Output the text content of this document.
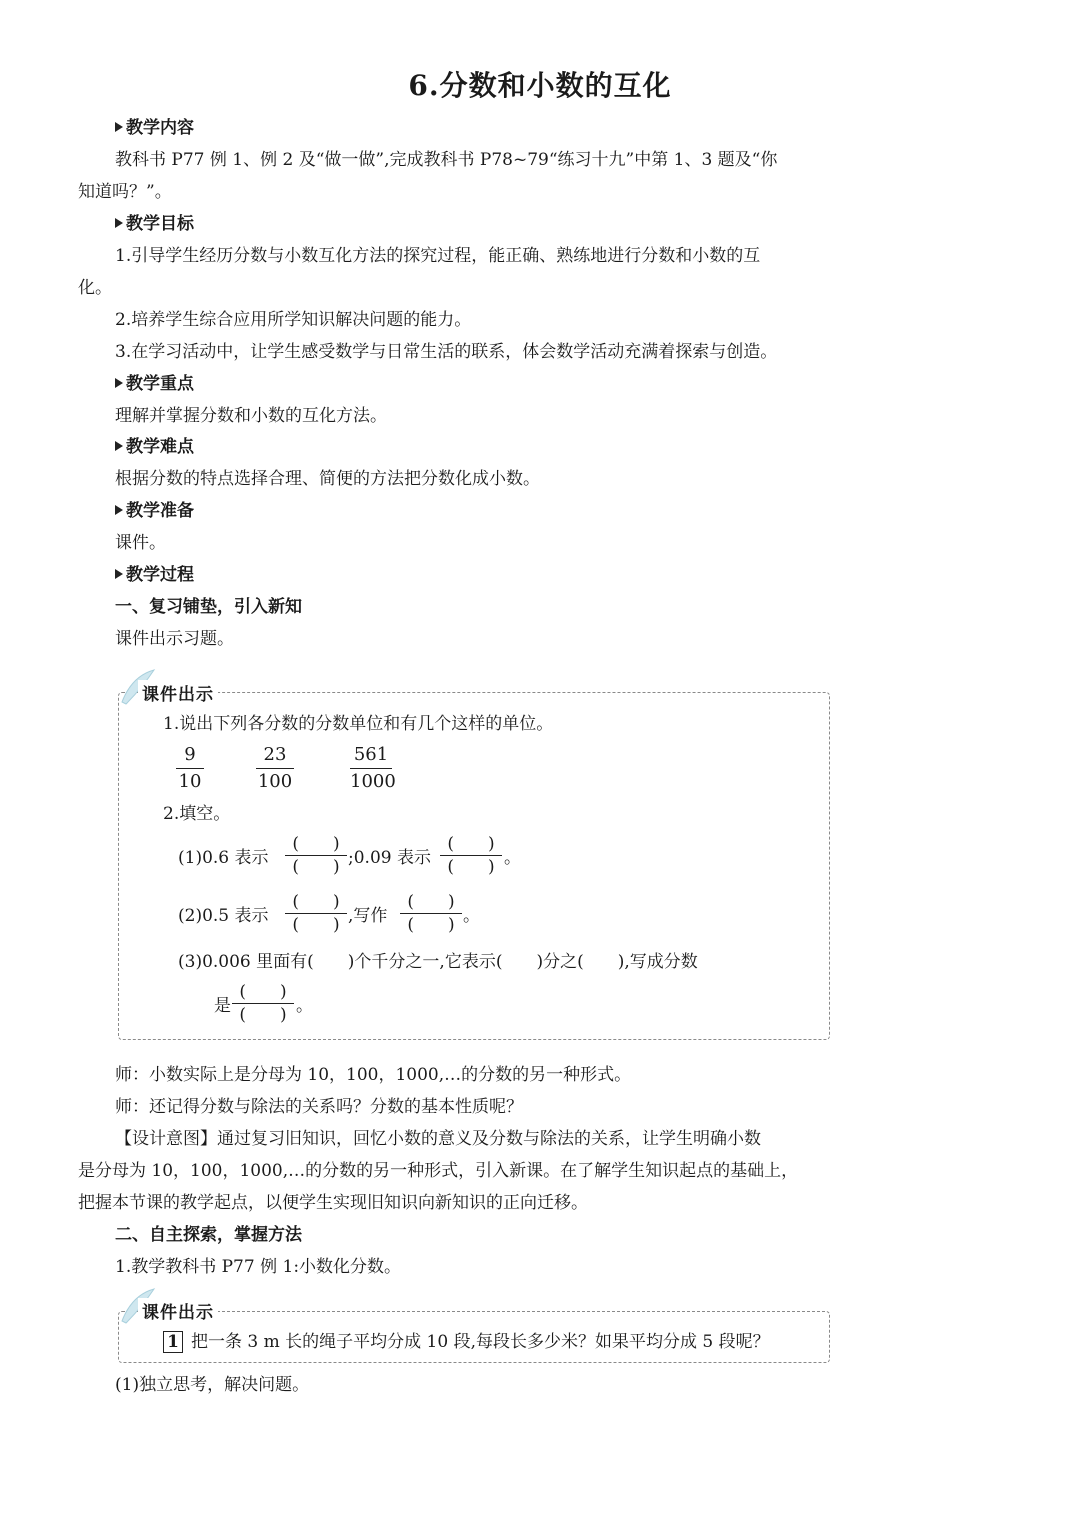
6.分数和小数的互化
教学内容
教科书 P77 例 1、例 2 及“做一做”,完成教科书 P78~79“练习十九”中第 1、3 题及“你
知道吗？”。
教学目标
1.引导学生经历分数与小数互化方法的探究过程，能正确、熟练地进行分数和小数的互
化。
2.培养学生综合应用所学知识解决问题的能力。
3.在学习活动中，让学生感受数学与日常生活的联系，体会数学活动充满着探索与创造。
教学重点
理解并掌握分数和小数的互化方法。
教学难点
根据分数的特点选择合理、简便的方法把分数化成小数。
教学准备
课件。
教学过程
一、复习铺垫，引入新知
课件出示习题。
课件出示
1.说出下列各分数的分数单位和有几个这样的单位。
9
10
23
100
561
1000
2.填空。
(1)0.6 表示
(　　)
(　　) ;0.09 表示
(　　)
(　　) 。
(2)0.5 表示
(　　)
(　　) ,写作
(　　)
(　　) 。
(3)0.006 里面有(　　)个千分之一,它表示(　　)分之(　　),写成分数
是
(　　)
(　　) 。
师：小数实际上是分母为 10，100，1000,…的分数的另一种形式。
师：还记得分数与除法的关系吗？分数的基本性质呢？
【设计意图】通过复习旧知识，回忆小数的意义及分数与除法的关系，让学生明确小数
是分母为 10，100，1000,…的分数的另一种形式，引入新课。在了解学生知识起点的基础上，
把握本节课的教学起点，以便学生实现旧知识向新知识的正向迁移。
二、自主探索，掌握方法
1.教学教科书 P77 例 1:小数化分数。
课件出示
1 把一条 3 m 长的绳子平均分成 10 段,每段长多少米？如果平均分成 5 段呢？
(1)独立思考，解决问题。
